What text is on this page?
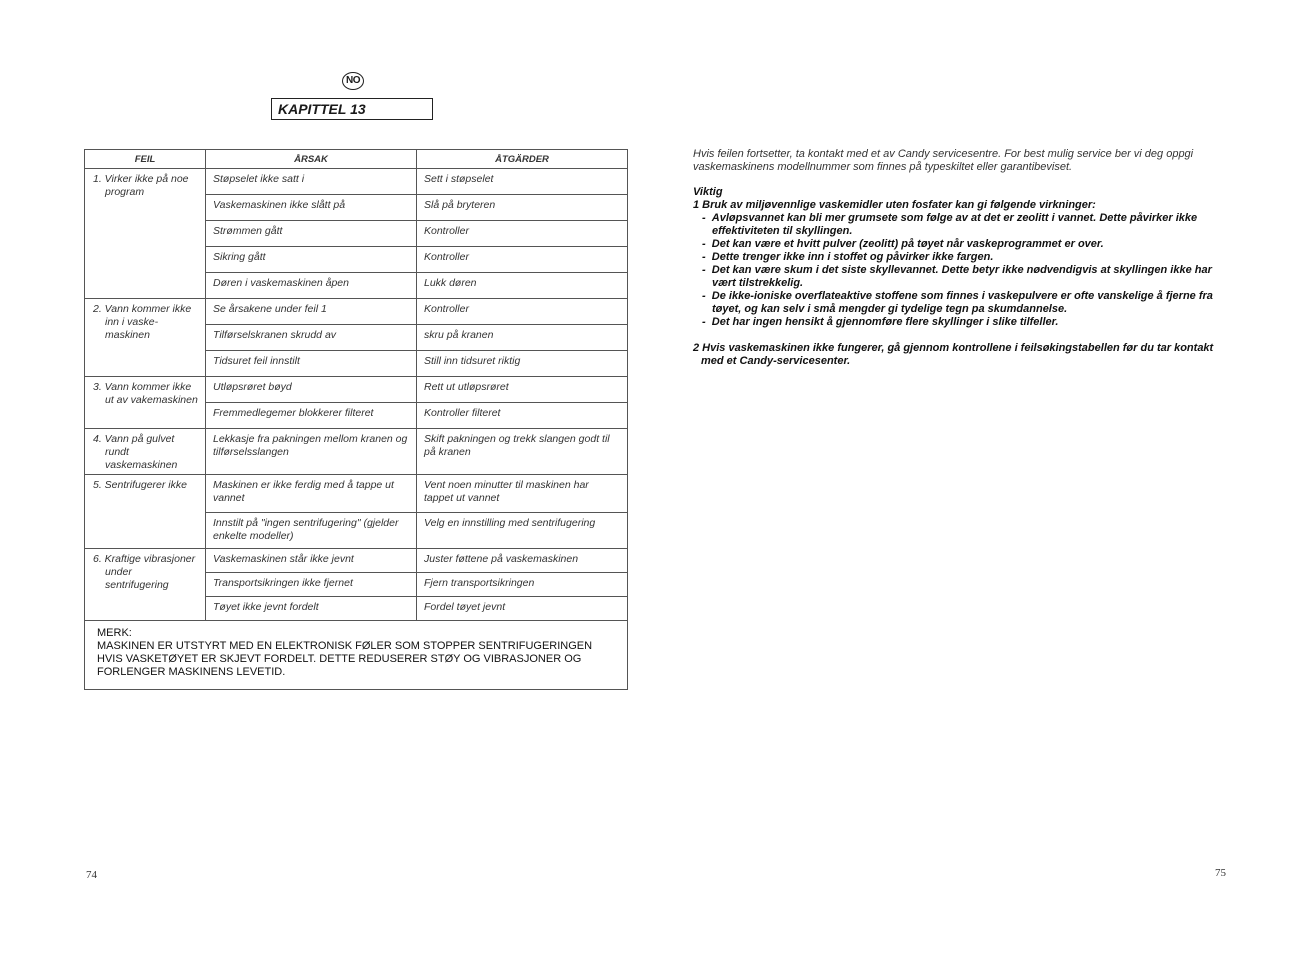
NO
KAPITTEL 13
FEIL	ÅRSAK	ÅTGÄRDER

1. Virker ikke på noe program	Støpselet ikke satt i	Sett i støpselet
	Vaskemaskinen ikke slått på	Slå på bryteren
	Strømmen gått	Kontroller
	Sikring gått	Kontroller
	Døren i vaskemaskinen åpen	Lukk døren

2. Vann kommer ikke inn i vaske- maskinen	Se årsakene under feil 1	Kontroller
	Tilførselskranen skrudd av	skru på kranen
	Tidsuret feil innstilt	Still inn tidsuret riktig

3. Vann kommer ikke ut av vakemaskinen	Utløpsrøret bøyd	Rett ut utløpsrøret
	Fremmedlegemer blokkerer filteret	Kontroller filteret

4. Vann på gulvet rundt vaskemaskinen	Lekkasje fra pakningen mellom kranen og tilførselsslangen	Skift pakningen og trekk slangen godt til på kranen

5. Sentrifugerer ikke	Maskinen er ikke ferdig med å tappe ut vannet	Vent noen minutter til maskinen har tappet ut vannet
	Innstilt på "ingen sentrifugering" (gjelder enkelte modeller)	Velg en innstilling med sentrifugering

6. Kraftige vibrasjoner under sentrifugering	Vaskemaskinen står ikke jevnt	Juster føttene på vaskemaskinen
	Transportsikringen ikke fjernet	Fjern transportsikringen
	Tøyet ikke jevnt fordelt	Fordel tøyet jevnt

MERK:
MASKINEN ER UTSTYRT MED EN ELEKTRONISK FØLER SOM STOPPER SENTRIFUGERINGEN HVIS VASKETØYET ER SKJEVT FORDELT. DETTE REDUSERER STØY OG VIBRASJONER OG FORLENGER MASKINENS LEVETID.		

Hvis feilen fortsetter, ta kontakt med et av Candy servicesentre. For best mulig service ber vi deg oppgi vaskemaskinens modellnummer som finnes på typeskiltet eller garantibeviset.

Viktig

1 Bruk av miljøvennlige vaskemidler uten fosfater kan gi følgende virkninger:

-  Avløpsvannet kan bli mer grumsete som følge av at det er zeolitt i vannet. Dette påvirker ikke effektiviteten til skyllingen.
-  Det kan være et hvitt pulver (zeolitt) på tøyet når vaskeprogrammet er over.
-  Dette trenger ikke inn i stoffet og påvirker ikke fargen.
-  Det kan være skum i det siste skyllevannet. Dette betyr ikke nødvendigvis at skyllingen ikke har vært tilstrekkelig.
-  De ikke-ioniske overflateaktive stoffene som finnes i vaskepulvere er ofte vanskelige å fjerne fra tøyet, og kan selv i små mengder gi tydelige tegn pa skumdannelse.
-  Det har ingen hensikt å gjennomføre flere skyllinger i slike tilfeller.

2 Hvis vaskemaskinen ikke fungerer, gå gjennom kontrollene i feilsøkingstabellen før du tar kontakt med et Candy-servicesenter.

74	75
